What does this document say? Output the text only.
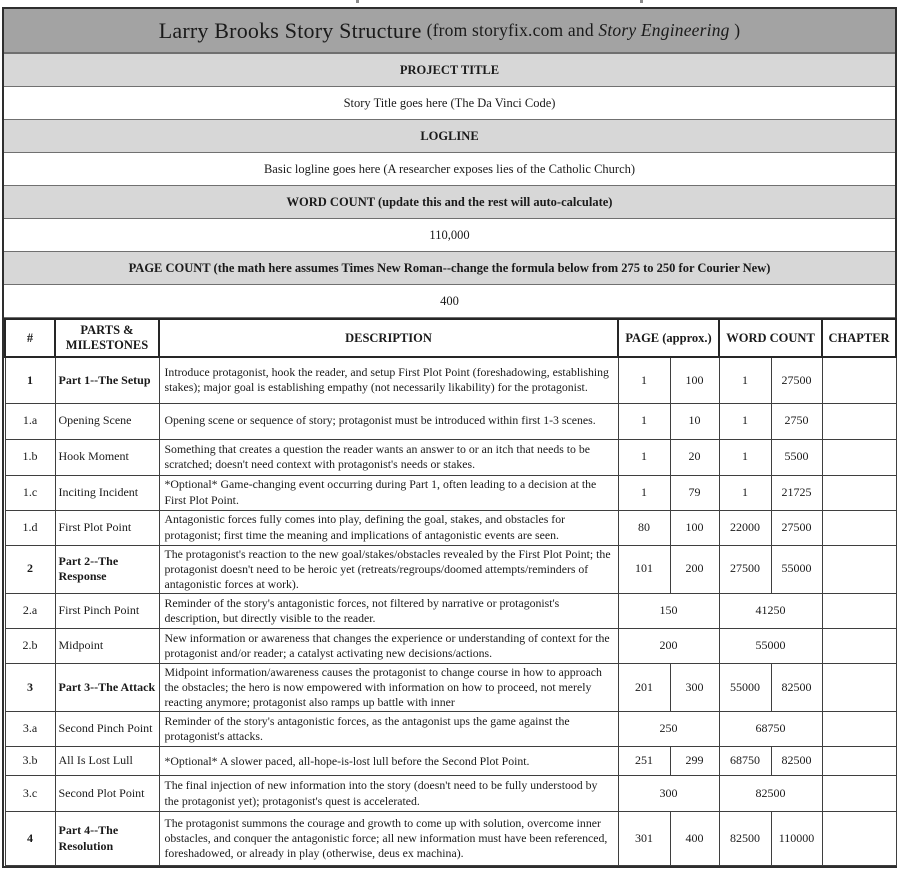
Larry Brooks Story Structure (from storyfix.com and Story Engineering )
PROJECT TITLE
Story Title goes here (The Da Vinci Code)
LOGLINE
Basic logline goes here (A researcher exposes lies of the Catholic Church)
WORD COUNT (update this and the rest will auto-calculate)
110,000
PAGE COUNT (the math here assumes Times New Roman--change the formula below from 275 to 250 for Courier New)
400
#	PARTS & MILESTONES	DESCRIPTION	PAGE (approx.)		WORD COUNT		CHAPTER
1	Part 1--The Setup	Introduce protagonist, hook the reader, and setup First Plot Point (foreshadowing, establishing stakes); major goal is establishing empathy (not necessarily likability) for the protagonist.	1	100	1	27500	
1.a	Opening Scene	Opening scene or sequence of story; protagonist must be introduced within first 1-3 scenes.	1	10	1	2750	
1.b	Hook Moment	Something that creates a question the reader wants an answer to or an itch that needs to be scratched; doesn't need context with protagonist's needs or stakes.	1	20	1	5500	
1.c	Inciting Incident	*Optional* Game-changing event occurring during Part 1, often leading to a decision at the First Plot Point.	1	79	1	21725	
1.d	First Plot Point	Antagonistic forces fully comes into play, defining the goal, stakes, and obstacles for protagonist; first time the meaning and implications of antagonistic events are seen.	80	100	22000	27500	
2	Part 2--The Response	The protagonist's reaction to the new goal/stakes/obstacles revealed by the First Plot Point; the protagonist doesn't need to be heroic yet (retreats/regroups/doomed attempts/reminders of antagonistic forces at work).	101	200	27500	55000	
2.a	First Pinch Point	Reminder of the story's antagonistic forces, not filtered by narrative or protagonist's description, but directly visible to the reader.	150		41250		
2.b	Midpoint	New information or awareness that changes the experience or understanding of context for the protagonist and/or reader; a catalyst activating new decisions/actions.	200		55000		
3	Part 3--The Attack	Midpoint information/awareness causes the protagonist to change course in how to approach the obstacles; the hero is now empowered with information on how to proceed, not merely reacting anymore; protagonist also ramps up battle with inner	201	300	55000	82500	
3.a	Second Pinch Point	Reminder of the story's antagonistic forces, as the antagonist ups the game against the protagonist's attacks.	250		68750		
3.b	All Is Lost Lull	*Optional* A slower paced, all-hope-is-lost lull before the Second Plot Point.	251	299	68750	82500	
3.c	Second Plot Point	The final injection of new information into the story (doesn't need to be fully understood by the protagonist yet); protagonist's quest is accelerated.	300		82500		
4	Part 4--The Resolution	The protagonist summons the courage and growth to come up with solution, overcome inner obstacles, and conquer the antagonistic force; all new information must have been referenced, foreshadowed, or already in play (otherwise, deus ex machina).	301	400	82500	110000	
